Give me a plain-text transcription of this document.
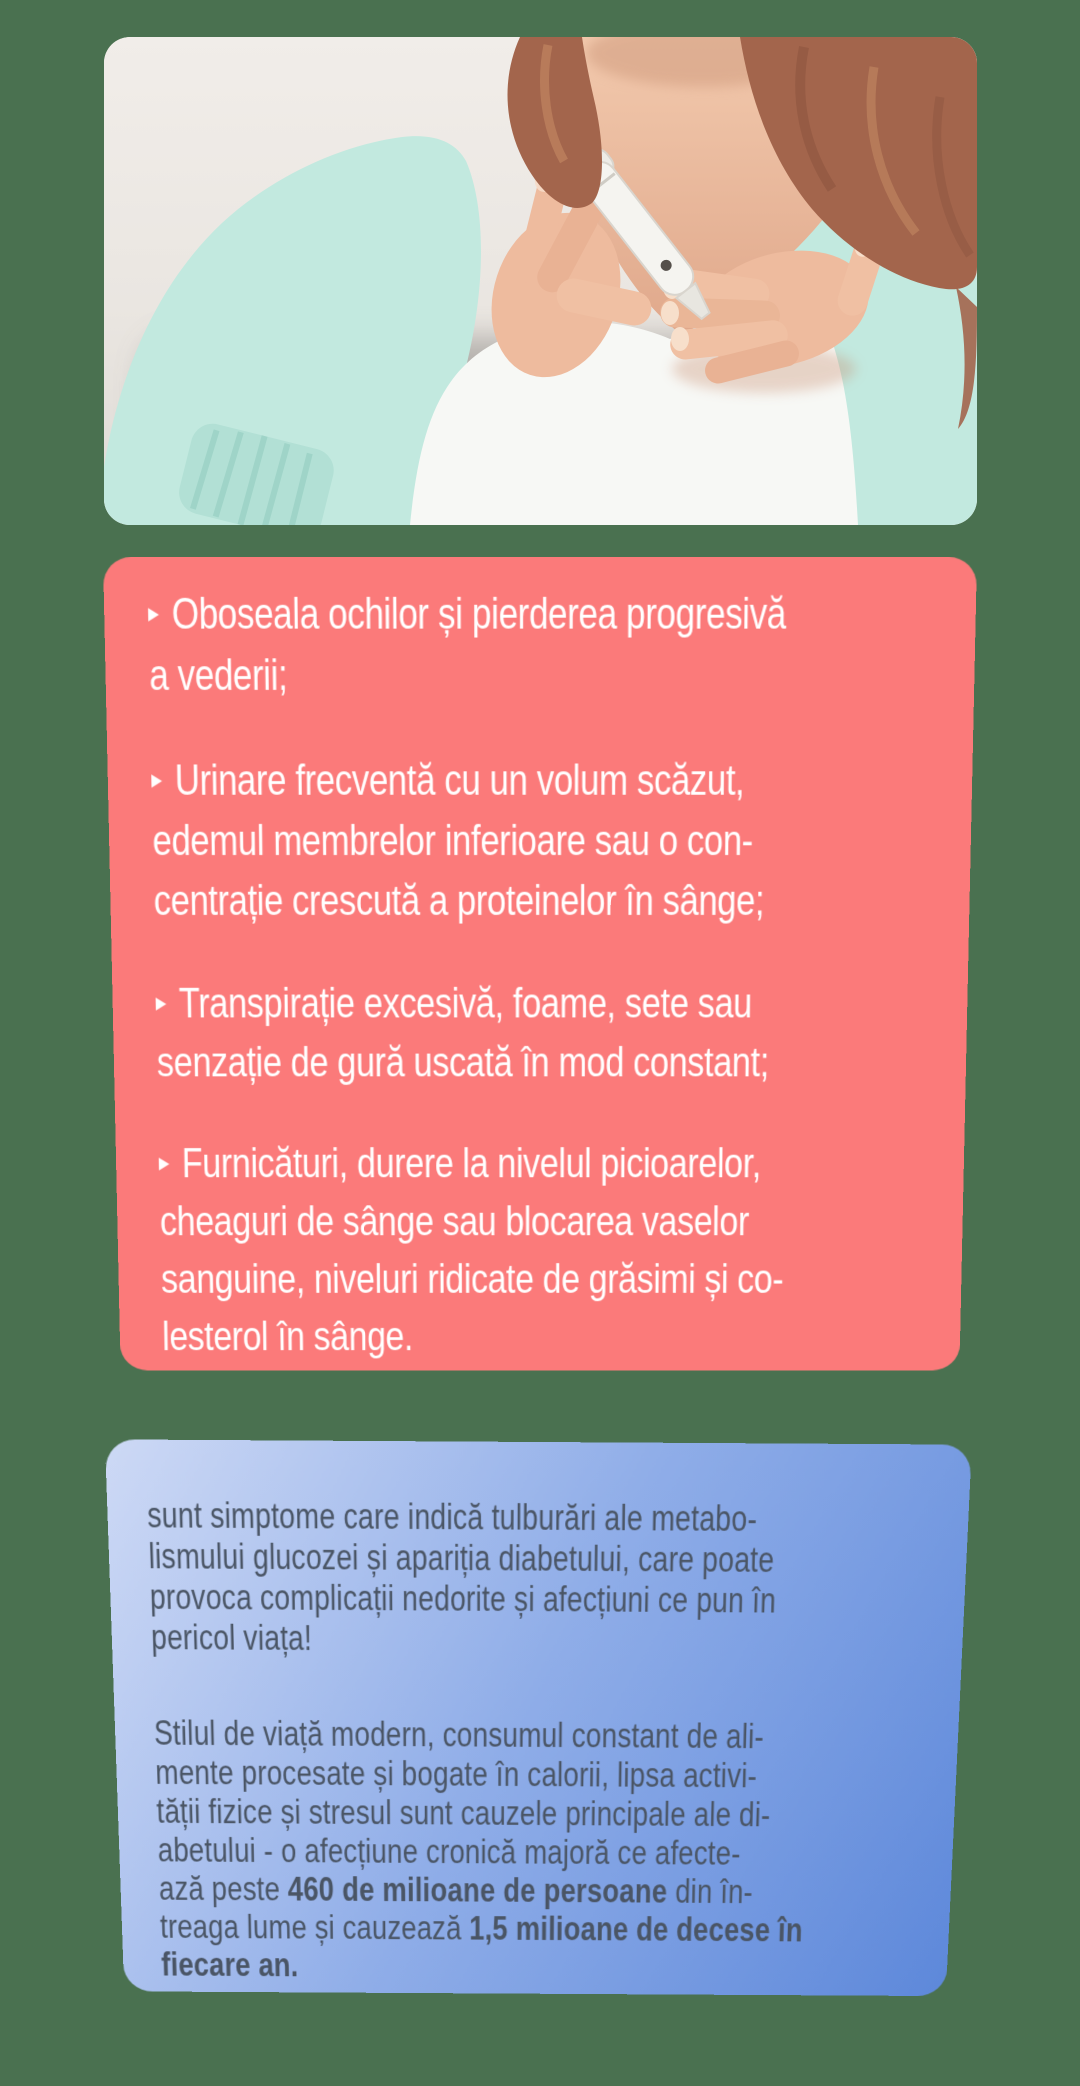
▸ Oboseala ochilor și pierderea progresivă
a vederii;

▸ Urinare frecventă cu un volum scăzut,
edemul membrelor inferioare sau o con-
centrație crescută a proteinelor în sânge;

▸ Transpirație excesivă, foame, sete sau
senzație de gură uscată în mod constant;

▸ Furnicături, durere la nivelul picioarelor,
cheaguri de sânge sau blocarea vaselor
sanguine, niveluri ridicate de grăsimi și co-
lesterol în sânge.

sunt simptome care indică tulburări ale metabo-
lismului glucozei și apariția diabetului, care poate
provoca complicații nedorite și afecțiuni ce pun în
pericol viața!

Stilul de viață modern, consumul constant de ali-
mente procesate și bogate în calorii, lipsa activi-
tății fizice și stresul sunt cauzele principale ale di-
abetului - o afecțiune cronică majoră ce afecte-
ază peste 460 de milioane de persoane din în-
treaga lume și cauzează 1,5 milioane de decese în
fiecare an.
